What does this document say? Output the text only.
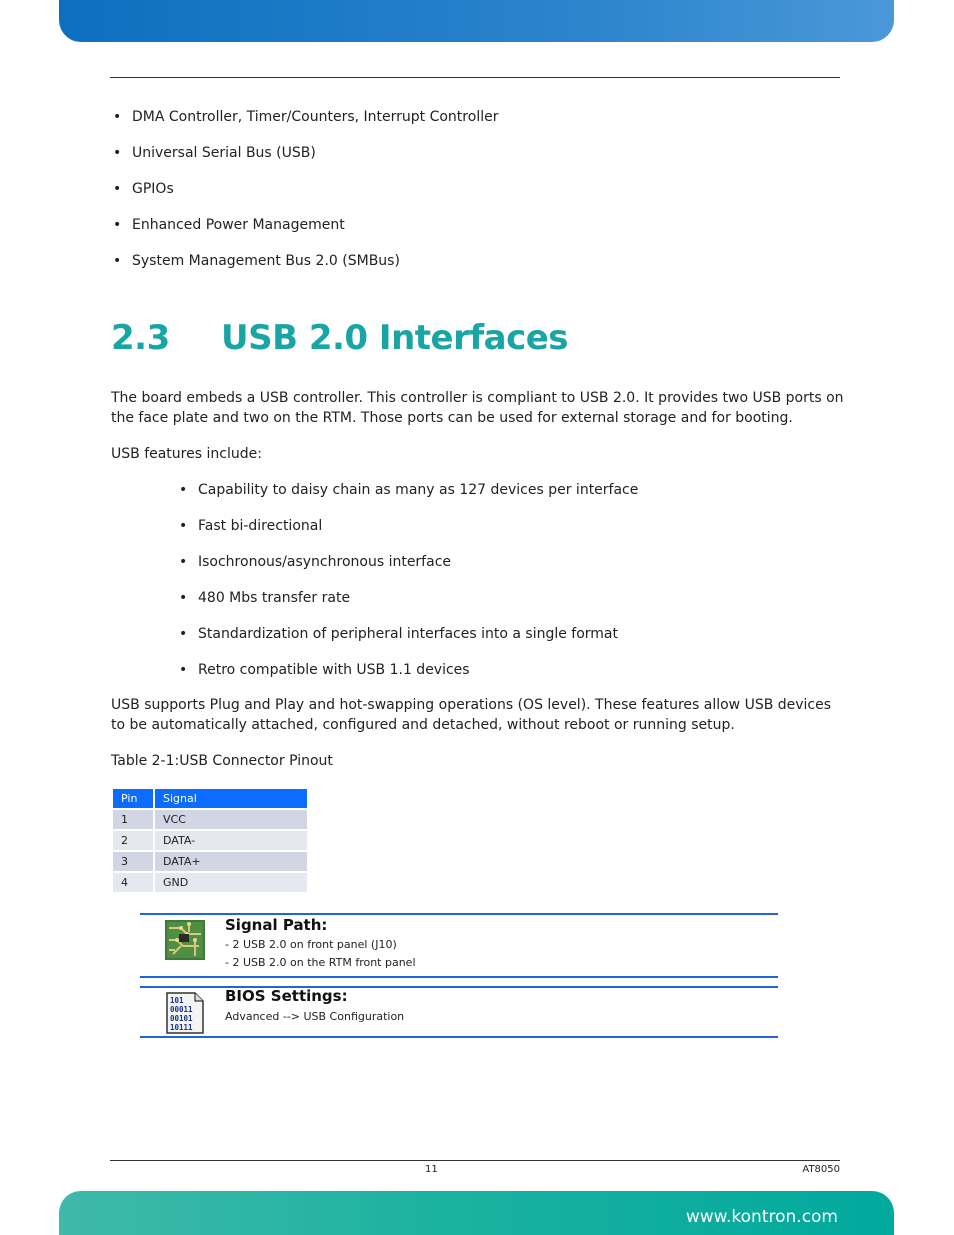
• DMA Controller, Timer/Counters, Interrupt Controller
• Universal Serial Bus (USB)
• GPIOs
• Enhanced Power Management
• System Management Bus 2.0 (SMBus)
2.3 USB 2.0 Interfaces

The board embeds a USB controller. This controller is compliant to USB 2.0. It provides two USB ports on the face plate and two on the RTM. Those ports can be used for external storage and for booting.

USB features include:

• Capability to daisy chain as many as 127 devices per interface
• Fast bi-directional
• Isochronous/asynchronous interface
• 480 Mbs transfer rate
• Standardization of peripheral interfaces into a single format
• Retro compatible with USB 1.1 devices

USB supports Plug and Play and hot-swapping operations (OS level). These features allow USB devices to be automatically attached, configured and detached, without reboot or running setup.

Table 2-1:USB Connector Pinout

Pin	Signal
1	VCC
2	DATA-
3	DATA+
4	GND
Signal Path:
- 2 USB 2.0 on front panel (J10)
- 2 USB 2.0 on the RTM front panel
101
00011
00101
10111
BIOS Settings:
Advanced --> USB Configuration
11	AT8050
www.kontron.com
